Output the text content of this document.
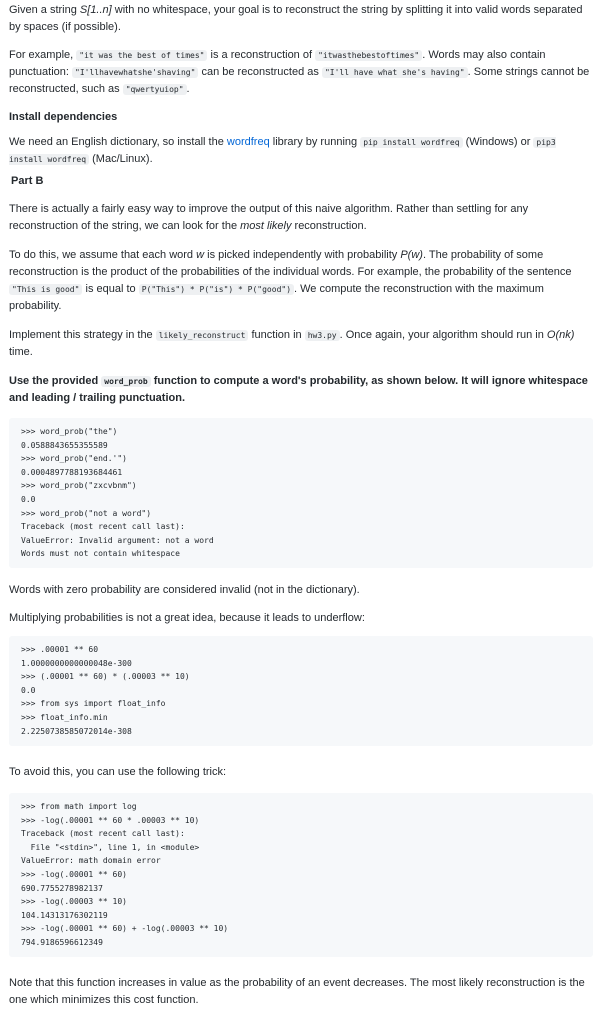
Given a string S[1..n] with no whitespace, your goal is to reconstruct the string by splitting it into valid words separated by spaces (if possible).

For example, "it was the best of times" is a reconstruction of "itwasthebestoftimes" . Words may also contain punctuation: "I'llhavewhatshe'shaving" can be reconstructed as "I'll have what she's having" . Some strings cannot be reconstructed, such as "qwertyuiop" .

Install dependencies

We need an English dictionary, so install the wordfreq library by running pip install wordfreq (Windows) or pip3 install wordfreq (Mac/Linux).

Part B

There is actually a fairly easy way to improve the output of this naive algorithm. Rather than settling for any reconstruction of the string, we can look for the most likely reconstruction.

To do this, we assume that each word w is picked independently with probability P(w). The probability of some reconstruction is the product of the probabilities of the individual words. For example, the probability of the sentence "This is good" is equal to P("This") * P("is") * P("good") . We compute the reconstruction with the maximum probability.

Implement this strategy in the likely_reconstruct function in hw3.py . Once again, your algorithm should run in O(nk) time.

Use the provided word_prob function to compute a word's probability, as shown below. It will ignore whitespace and leading / trailing punctuation.

>>> word_prob("the")
0.0588843655355589
>>> word_prob("end.'")
0.0004897788193684461
>>> word_prob("zxcvbnm")
0.0
>>> word_prob("not a word")
Traceback (most recent call last):
ValueError: Invalid argument: not a word
Words must not contain whitespace

Words with zero probability are considered invalid (not in the dictionary).

Multiplying probabilities is not a great idea, because it leads to underflow:

>>> .00001 ** 60
1.0000000000000048e-300
>>> (.00001 ** 60) * (.00003 ** 10)
0.0
>>> from sys import float_info
>>> float_info.min
2.2250738585072014e-308

To avoid this, you can use the following trick:

>>> from math import log
>>> -log(.00001 ** 60 * .00003 ** 10)
Traceback (most recent call last):
File "<stdin>", line 1, in <module>
ValueError: math domain error
>>> -log(.00001 ** 60)
690.7755278982137
>>> -log(.00003 ** 10)
104.14313176302119
>>> -log(.00001 ** 60) + -log(.00003 ** 10)
794.9186596612349

Note that this function increases in value as the probability of an event decreases. The most likely reconstruction is the one which minimizes this cost function.
